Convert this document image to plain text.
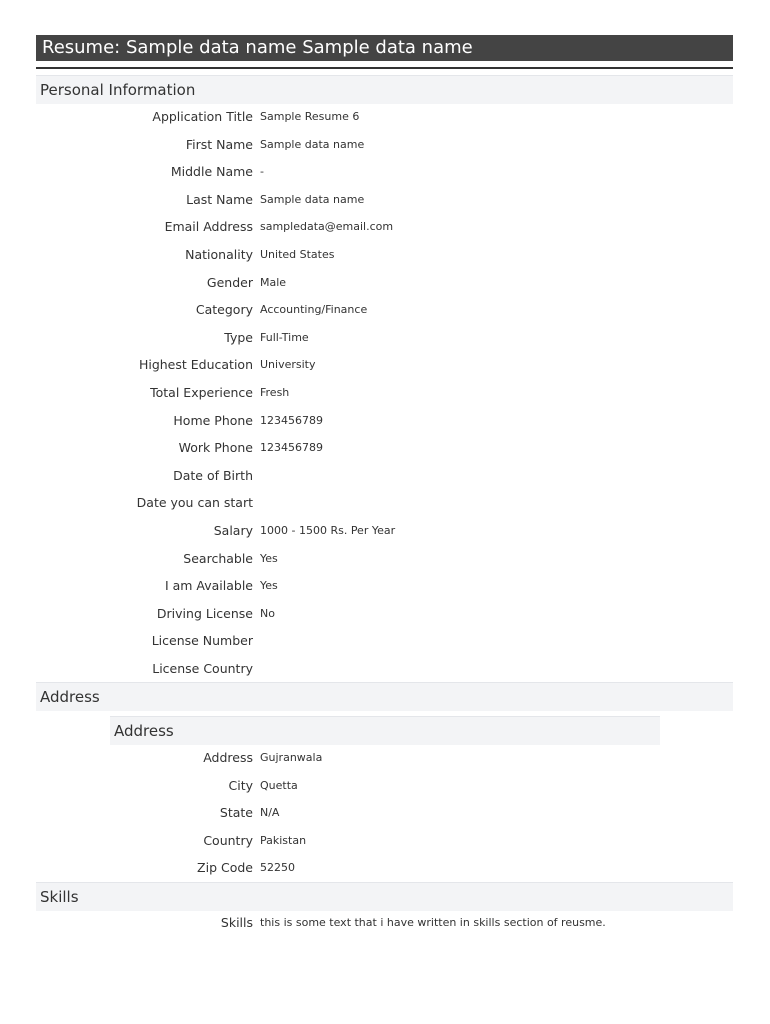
Resume: Sample data name Sample data name
Personal Information
Application Title Sample Resume 6
First Name Sample data name
Middle Name -
Last Name Sample data name
Email Address sampledata@email.com
Nationality United States
Gender Male
Category Accounting/Finance
Type Full-Time
Highest Education University
Total Experience Fresh
Home Phone 123456789
Work Phone 123456789
Date of Birth
Date you can start
Salary 1000 - 1500 Rs. Per Year
Searchable Yes
I am Available Yes
Driving License No
License Number
License Country
Address
Address
Address Gujranwala
City Quetta
State N/A
Country Pakistan
Zip Code 52250
Skills
Skills this is some text that i have written in skills section of reusme.
